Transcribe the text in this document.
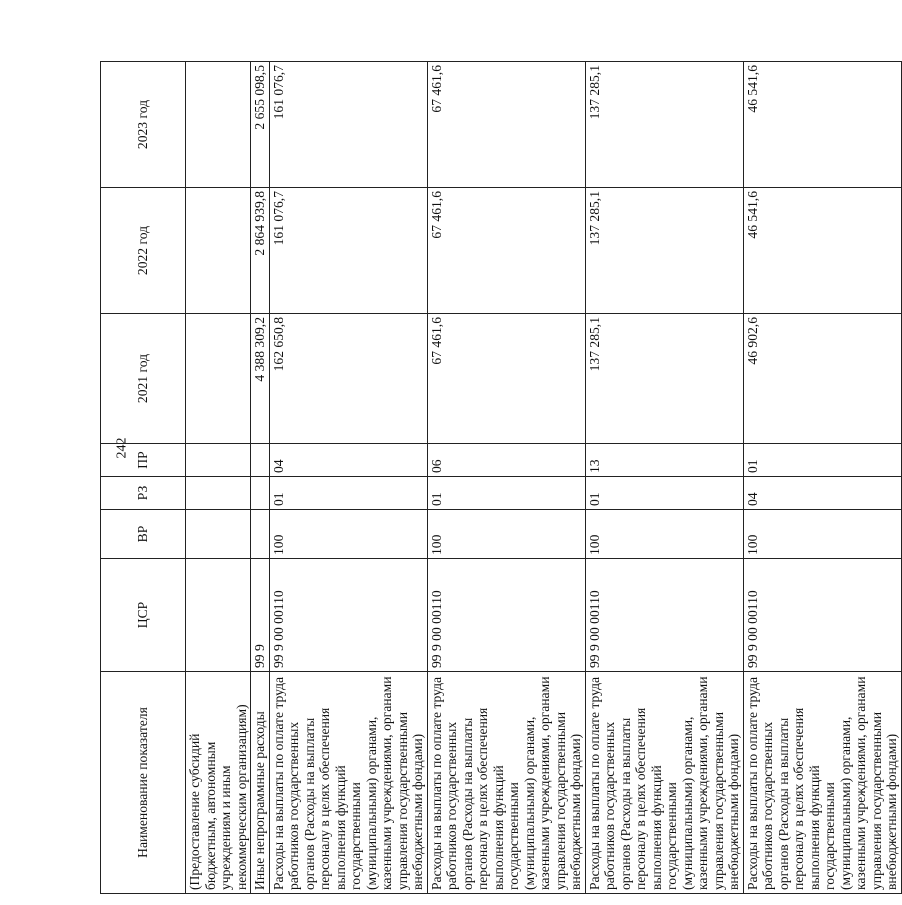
242
Наименование показателя	ЦСР	ВР	РЗ	ПР	2021 год	2022 год	2023 год
(Предоставление субсидий бюджетным, автономным учреждениям и иным некоммерческим организациям)							
Иные непрограммные расходы	99 9				4 388 309,2	2 864 939,8	2 655 098,5
Расходы на выплаты по оплате труда работников государственных органов (Расходы на выплаты персоналу в целях обеспечения выполнения функций государственными (муниципальными) органами, казенными учреждениями, органами управления государственными внебюджетными фондами)	99 9 00 00110	100	01	04	162 650,8	161 076,7	161 076,7
Расходы на выплаты по оплате труда работников государственных органов (Расходы на выплаты персоналу в целях обеспечения выполнения функций государственными (муниципальными) органами, казенными учреждениями, органами управления государственными внебюджетными фондами)	99 9 00 00110	100	01	06	67 461,6	67 461,6	67 461,6
Расходы на выплаты по оплате труда работников государственных органов (Расходы на выплаты персоналу в целях обеспечения выполнения функций государственными (муниципальными) органами, казенными учреждениями, органами управления государственными внебюджетными фондами)	99 9 00 00110	100	01	13	137 285,1	137 285,1	137 285,1
Расходы на выплаты по оплате труда работников государственных органов (Расходы на выплаты персоналу в целях обеспечения выполнения функций государственными (муниципальными) органами, казенными учреждениями, органами управления государственными внебюджетными фондами)	99 9 00 00110	100	04	01	46 902,6	46 541,6	46 541,6
